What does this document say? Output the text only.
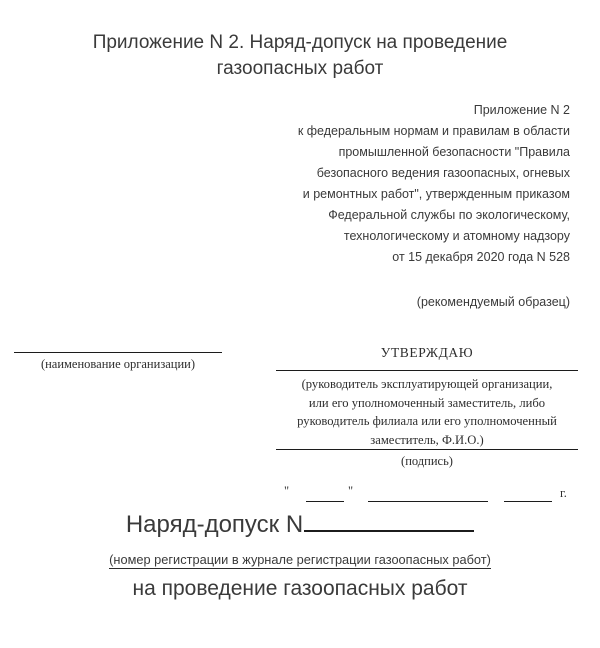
Приложение N 2. Наряд-допуск на проведение
газоопасных работ
Приложение N 2
к федеральным нормам и правилам в области
промышленной безопасности "Правила
безопасного ведения газоопасных, огневых
и ремонтных работ", утвержденным приказом
Федеральной службы по экологическому,
технологическому и атомному надзору
от 15 декабря 2020 года N 528
(рекомендуемый образец)
(наименование организации)
УТВЕРЖДАЮ
(руководитель эксплуатирующей организации,
или его уполномоченный заместитель, либо
руководитель филиала или его уполномоченный
заместитель, Ф.И.О.)
(подпись)
"	"	г.
Наряд-допуск N
(номер регистрации в журнале регистрации газоопасных работ)
на проведение газоопасных работ
